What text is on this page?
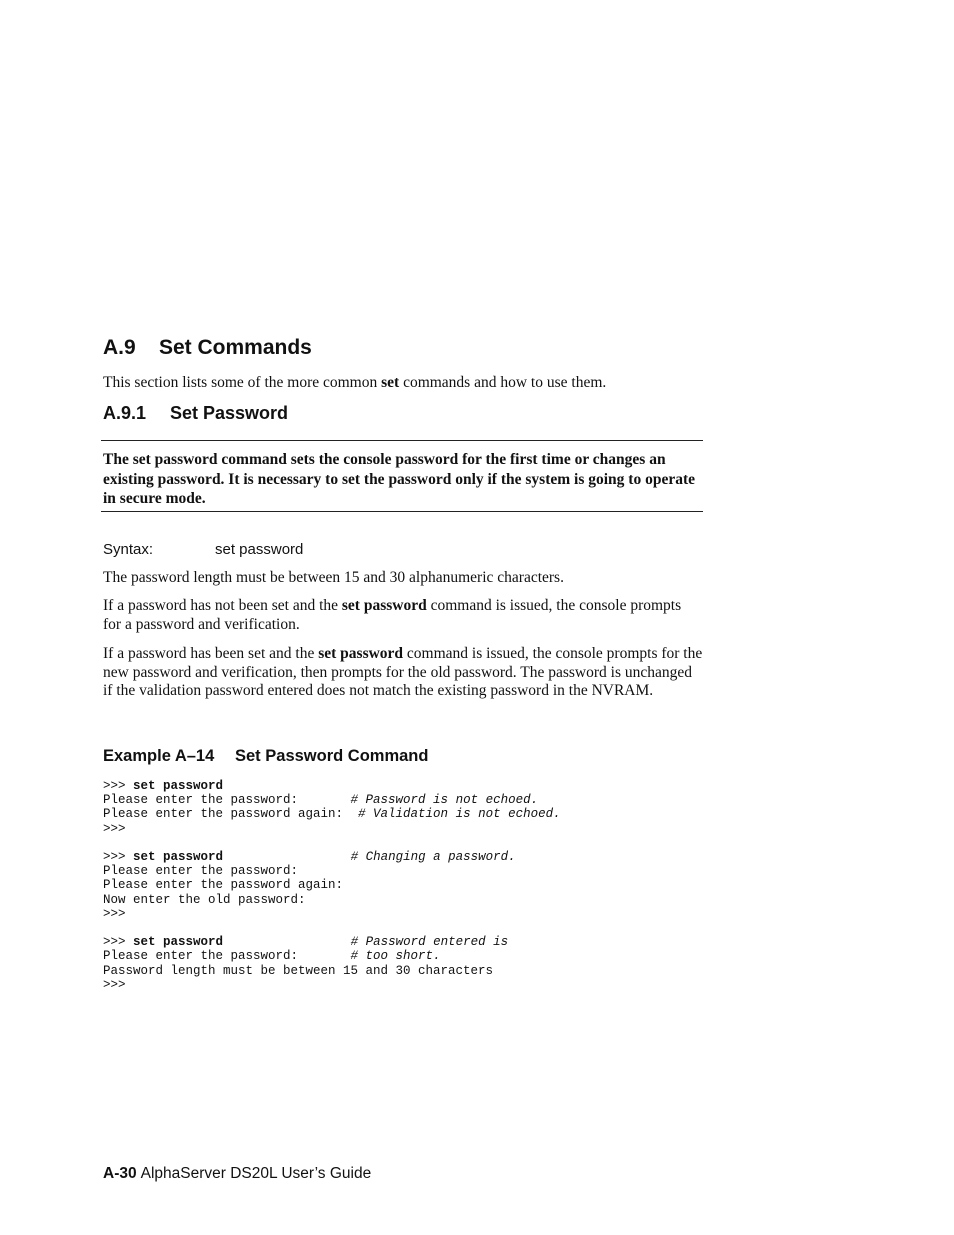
A.9 Set Commands

This section lists some of the more common set commands and how to use them.

A.9.1 Set Password

The set password command sets the console password for the first time or changes an existing password. It is necessary to set the password only if the system is going to operate in secure mode.

Syntax:	set password

The password length must be between 15 and 30 alphanumeric characters.

If a password has not been set and the set password command is issued, the console prompts for a password and verification.

If a password has been set and the set password command is issued, the console prompts for the new password and verification, then prompts for the old password. The password is unchanged if the validation password entered does not match the existing password in the NVRAM.

Example A–14 Set Password Command
>>> set password
Please enter the password:       # Password is not echoed.
Please enter the password again:  # Validation is not echoed.
>>>

>>> set password	# Changing a password.
Please enter the password:
Please enter the password again:
Now enter the old password:
>>>

>>> set password	# Password entered is
Please enter the password:       # too short.
Password length must be between 15 and 30 characters
>>>

A-30 AlphaServer DS20L User’s Guide
